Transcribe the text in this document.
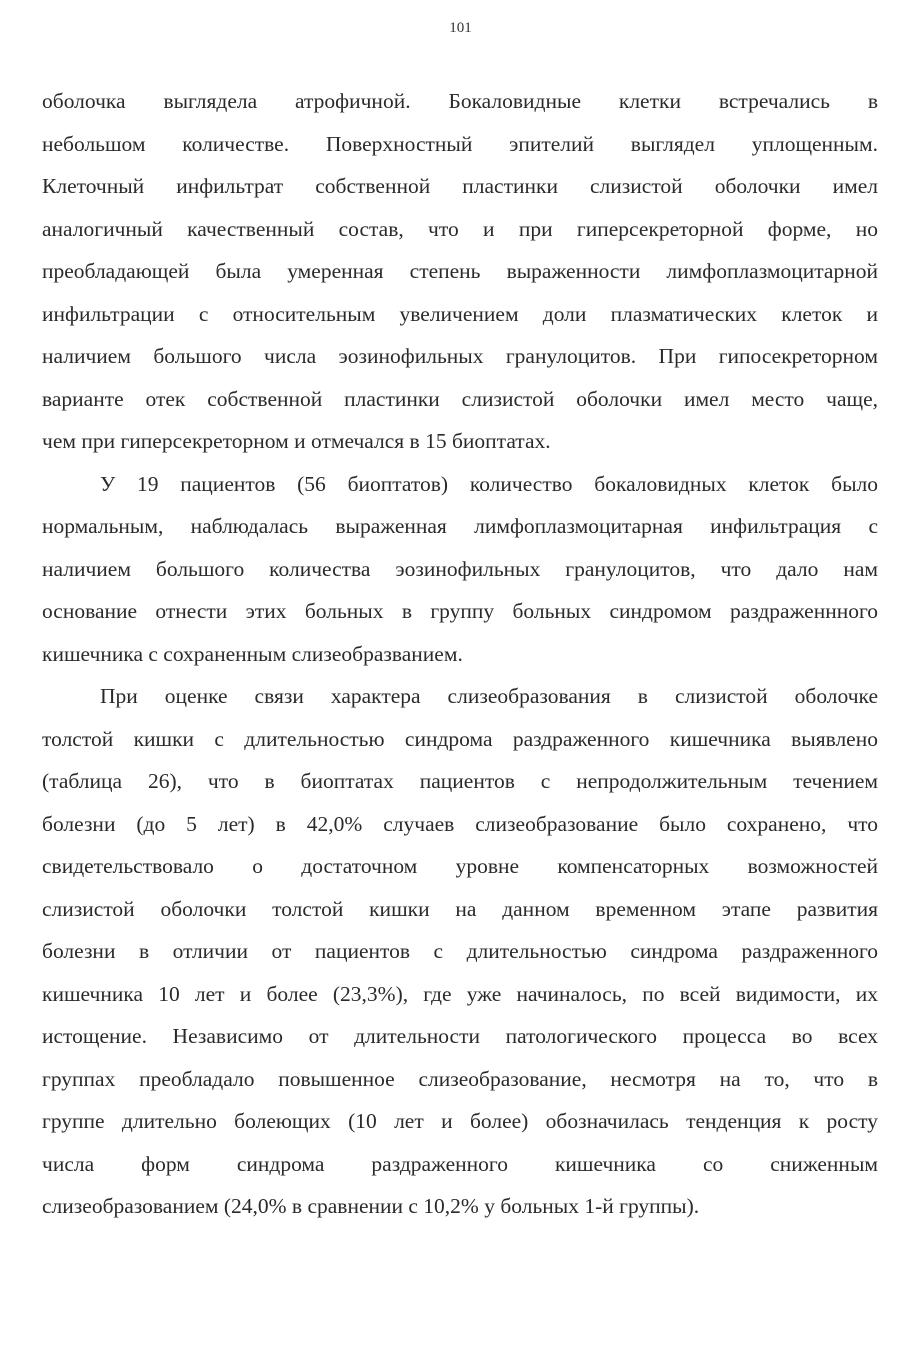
101
оболочка выглядела атрофичной. Бокаловидные клетки встречались в
небольшом количестве. Поверхностный эпителий выглядел уплощенным.
Клеточный инфильтрат собственной пластинки слизистой оболочки имел
аналогичный качественный состав, что и при гиперсекреторной форме, но
преобладающей была умеренная степень выраженности лимфоплазмоцитарной
инфильтрации с относительным увеличением доли плазматических клеток и
наличием большого числа эозинофильных гранулоцитов. При гипосекреторном
варианте отек собственной пластинки слизистой оболочки имел место чаще,
чем при гиперсекреторном и отмечался в 15 биоптатах.
У 19 пациентов (56 биоптатов) количество бокаловидных клеток было
нормальным, наблюдалась выраженная лимфоплазмоцитарная инфильтрация с
наличием большого количества эозинофильных гранулоцитов, что дало нам
основание отнести этих больных в группу больных синдромом раздраженнного
кишечника с сохраненным слизеобразванием.
При оценке связи характера слизеобразования в слизистой оболочке
толстой кишки с длительностью синдрома раздраженного кишечника выявлено
(таблица 26), что в биоптатах пациентов с непродолжительным течением
болезни (до 5 лет) в 42,0% случаев слизеобразование было сохранено, что
свидетельствовало о достаточном уровне компенсаторных возможностей
слизистой оболочки толстой кишки на данном временном этапе развития
болезни в отличии от пациентов с длительностью синдрома раздраженного
кишечника 10 лет и более (23,3%), где уже начиналось, по всей видимости, их
истощение. Независимо от длительности патологического процесса во всех
группах преобладало повышенное слизеобразование, несмотря на то, что в
группе длительно болеющих (10 лет и более) обозначилась тенденция к росту
числа форм синдрома раздраженного кишечника со сниженным
слизеобразованием (24,0% в сравнении с 10,2% у больных 1-й группы).
